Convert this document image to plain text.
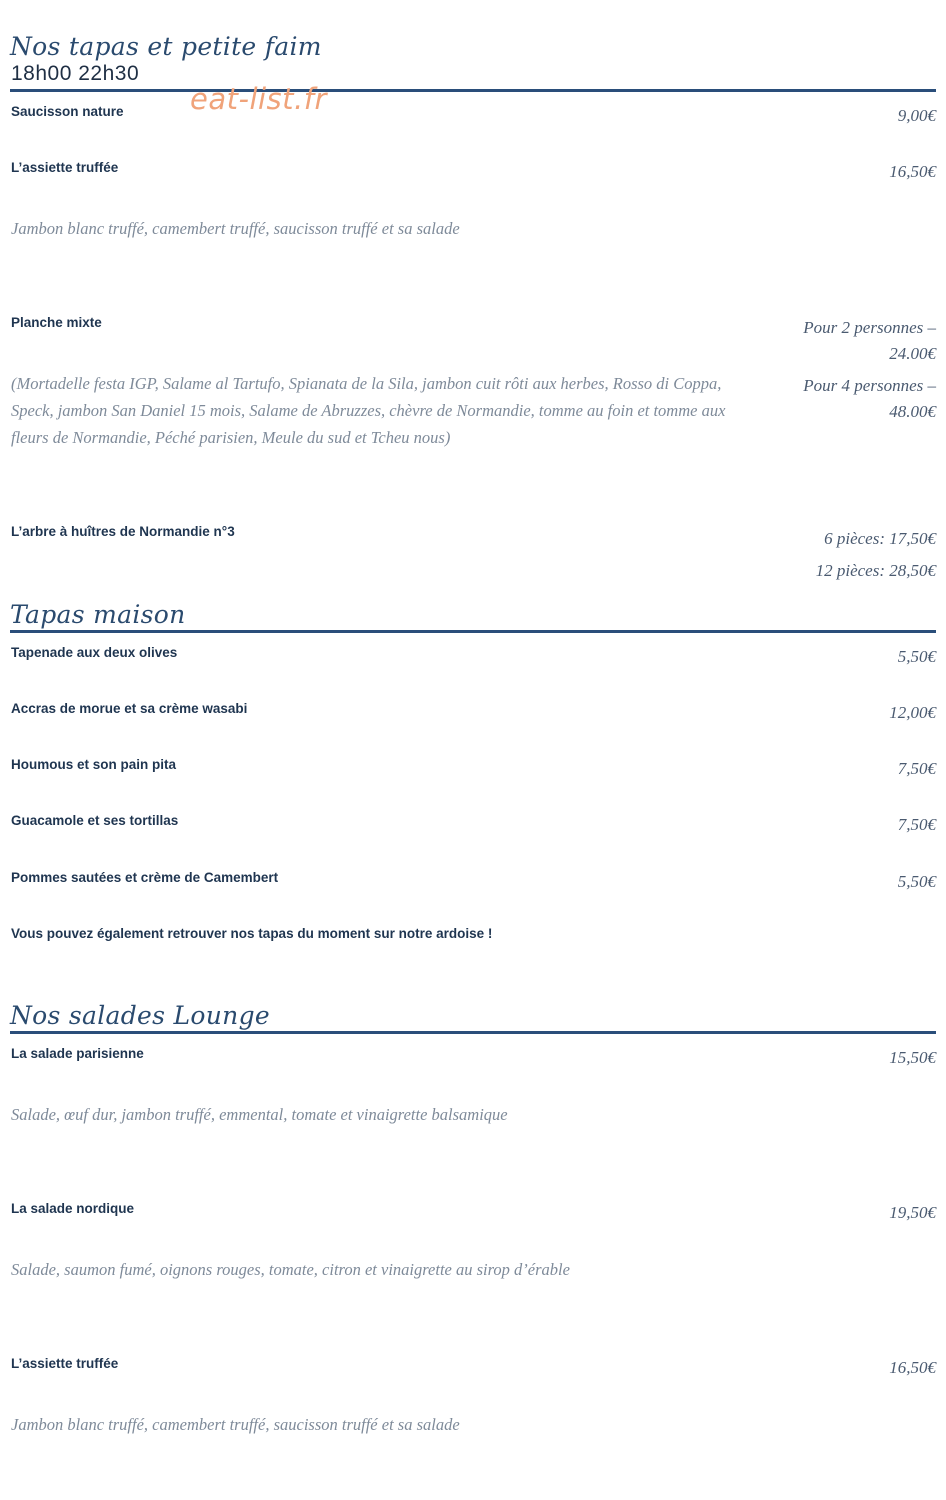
Nos tapas et petite faim
18h00 22h30
eat-list.fr
Saucisson nature	9,00€
L’assiette truffée	16,50€
Jambon blanc truffé, camembert truffé, saucisson truffé et sa salade
Planche mixte	Pour 2 personnes –
24.00€
Pour 4 personnes –
48.00€
(Mortadelle festa IGP, Salame al Tartufo, Spianata de la Sila, jambon cuit rôti aux herbes, Rosso di Coppa, Speck, jambon San Daniel 15 mois, Salame de Abruzzes, chèvre de Normandie, tomme au foin et tomme aux fleurs de Normandie, Péché parisien, Meule du sud et Tcheu nous)
L’arbre à huîtres de Normandie n°3	6 pièces: 17,50€
12 pièces: 28,50€
Tapas maison
Tapenade aux deux olives	5,50€
Accras de morue et sa crème wasabi	12,00€
Houmous et son pain pita	7,50€
Guacamole et ses tortillas	7,50€
Pommes sautées et crème de Camembert	5,50€
Vous pouvez également retrouver nos tapas du moment sur notre ardoise !
Nos salades Lounge
La salade parisienne	15,50€
Salade, œuf dur, jambon truffé, emmental, tomate et vinaigrette balsamique
La salade nordique	19,50€
Salade, saumon fumé, oignons rouges, tomate, citron et vinaigrette au sirop d’érable
L’assiette truffée	16,50€
Jambon blanc truffé, camembert truffé, saucisson truffé et sa salade
